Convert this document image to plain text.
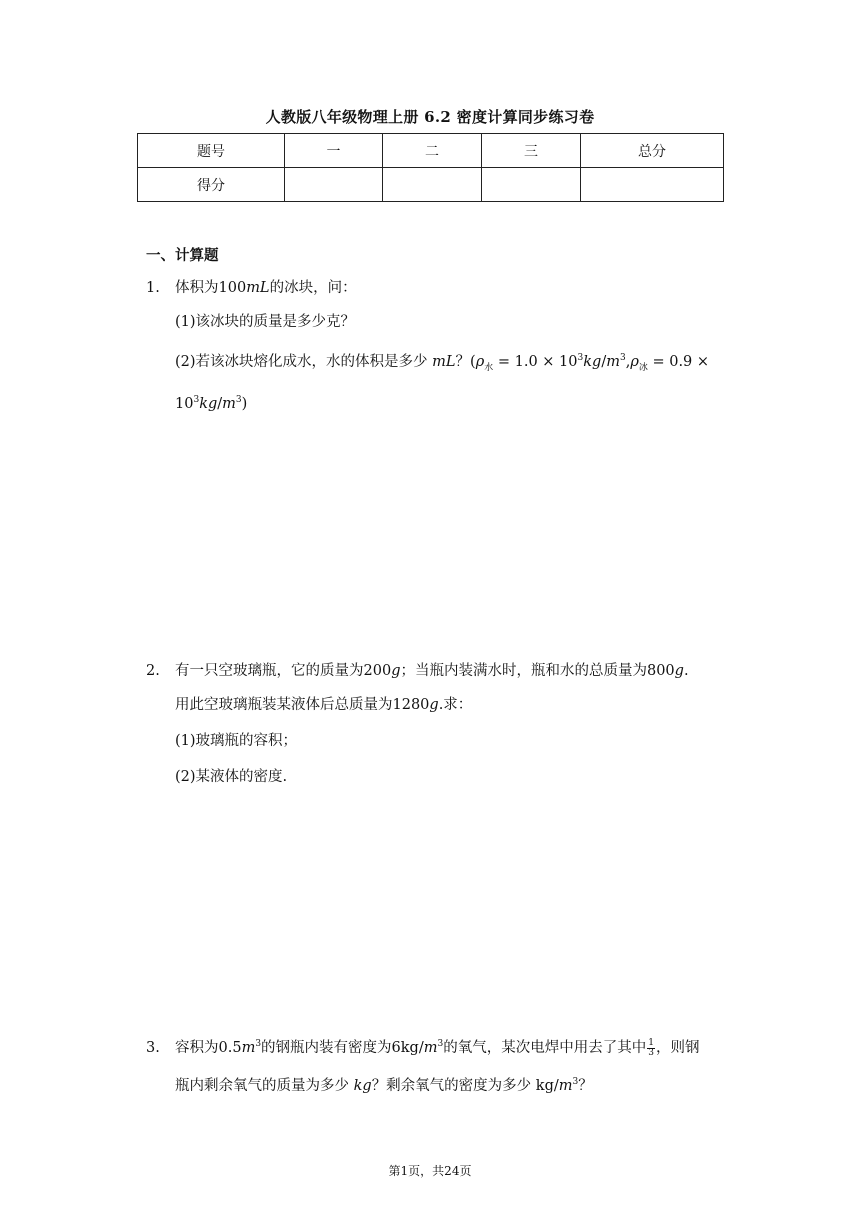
人教版八年级物理上册 6.2 密度计算同步练习卷
题号	一	二	三	总分
得分				
一、计算题
1.	体积为100mL的冰块，问：
(1)该冰块的质量是多少克？
(2)若该冰块熔化成水，水的体积是多少 mL？($\rho_水 = 1.0 \times 10^3kg/m^3,\rho_冰 = 0.9$ ×
$10^3kg/m^3$)
2.	有一只空玻璃瓶，它的质量为200g；当瓶内装满水时，瓶和水的总质量为800g.
用此空玻璃瓶装某液体后总质量为1280g.求：
(1)玻璃瓶的容积；
(2)某液体的密度.
3.	容积为$0.5m^3$的钢瓶内装有密度为$6kg/m^3$的氧气，某次电焊中用去了其中 $\frac{1}{3}$ ，则钢
瓶内剩余氧气的质量为多少 kg？剩余氧气的密度为多少 $kg/m^3$？
第1页，共24页
